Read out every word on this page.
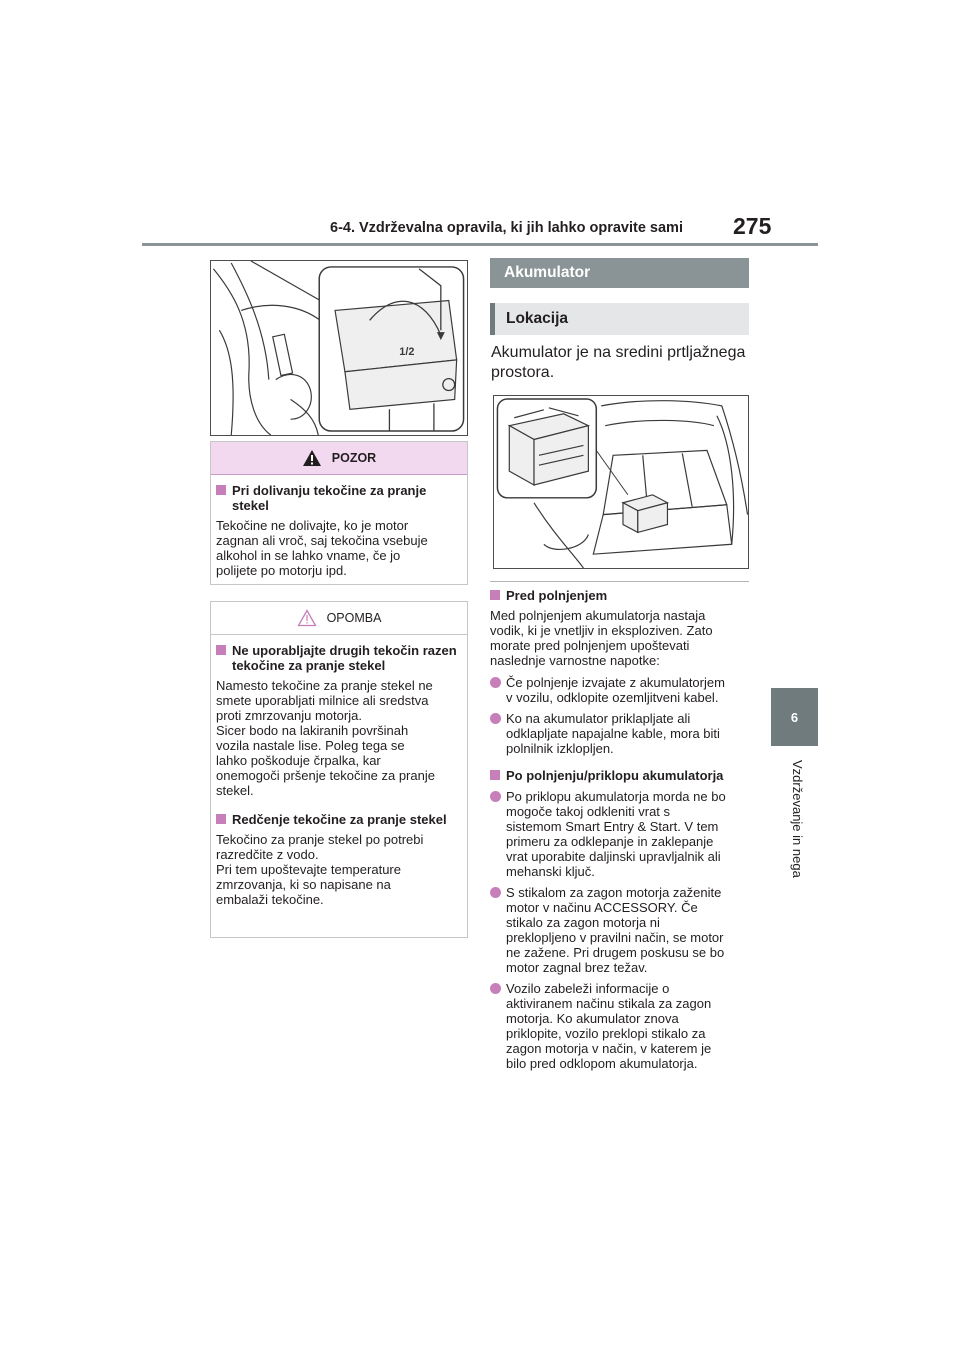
6-4. Vzdrževalna opravila, ki jih lahko opravite sami 275
6
Vzdrževanje in nega
1/2
POZOR
Pri dolivanju tekočine za pranje stekel
Tekočine ne dolivajte, ko je motor
zagnan ali vroč, saj tekočina vsebuje
alkohol in se lahko vname, če jo
polijete po motorju ipd.
OPOMBA
Ne uporabljajte drugih tekočin razen tekočine za pranje stekel
Namesto tekočine za pranje stekel ne
smete uporabljati milnice ali sredstva
proti zmrzovanju motorja.
Sicer bodo na lakiranih površinah
vozila nastale lise. Poleg tega se
lahko poškoduje črpalka, kar
onemogoči pršenje tekočine za pranje
stekel.
Redčenje tekočine za pranje stekel
Tekočino za pranje stekel po potrebi
razredčite z vodo.
Pri tem upoštevajte temperature
zmrzovanja, ki so napisane na
embalaži tekočine.
Akumulator
Lokacija
Akumulator je na sredini prtljažnega prostora.
Pred polnjenjem
Med polnjenjem akumulatorja nastaja
vodik, ki je vnetljiv in eksploziven. Zato
morate pred polnjenjem upoštevati
naslednje varnostne napotke:
Če polnjenje izvajate z akumulatorjem
v vozilu, odklopite ozemljitveni kabel.
Ko na akumulator priklapljate ali
odklapljate napajalne kable, mora biti
polnilnik izklopljen.
Po polnjenju/priklopu akumulatorja
Po priklopu akumulatorja morda ne bo
mogoče takoj odkleniti vrat s
sistemom Smart Entry & Start. V tem
primeru za odklepanje in zaklepanje
vrat uporabite daljinski upravljalnik ali
mehanski ključ.
S stikalom za zagon motorja zaženite
motor v načinu ACCESSORY. Če
stikalo za zagon motorja ni
preklopljeno v pravilni način, se motor
ne zažene. Pri drugem poskusu se bo
motor zagnal brez težav.
Vozilo zabeleži informacije o
aktiviranem načinu stikala za zagon
motorja. Ko akumulator znova
priklopite, vozilo preklopi stikalo za
zagon motorja v način, v katerem je
bilo pred odklopom akumulatorja.
